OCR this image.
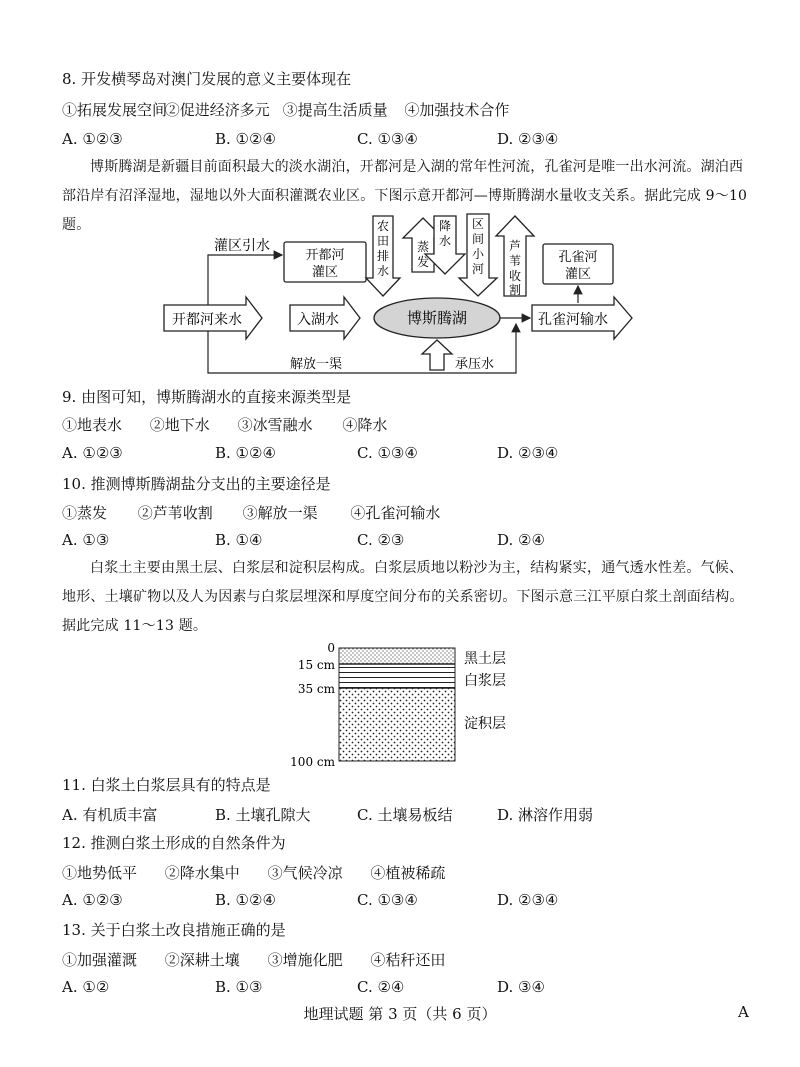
8. 开发横琴岛对澳门发展的意义主要体现在
①拓展发展空间 ②促进经济多元 ③提高生活质量 ④加强技术合作
A. ①②③	B. ①②④	C. ①③④	D. ②③④
博斯腾湖是新疆目前面积最大的淡水湖泊，开都河是入湖的常年性河流，孔雀河是唯一出水河流。湖泊西部沿岸有沼泽湿地，湿地以外大面积灌溉农业区。下图示意开都河—博斯腾湖水量收支关系。据此完成 9～10 题。
开都河来水	入湖水	博斯腾湖	孔雀河输水
灌区引水
开都河
灌区
农
田
排
水
蒸
发
降
水
区
间
小
河
芦
苇
收
割
孔雀河
灌区
承压水
解放一渠
0
15 cm
35 cm
100 cm
黑土层
白浆层
淀积层
9. 由图可知，博斯腾湖水的直接来源类型是
①地表水 ②地下水 ③冰雪融水 ④降水
A. ①②③	B. ①②④	C. ①③④	D. ②③④
10. 推测博斯腾湖盐分支出的主要途径是
①蒸发 ②芦苇收割 ③解放一渠 ④孔雀河输水
A. ①③	B. ①④	C. ②③	D. ②④
白浆土主要由黑土层、白浆层和淀积层构成。白浆层质地以粉沙为主，结构紧实，通气透水性差。气候、地形、土壤矿物以及人为因素与白浆层埋深和厚度空间分布的关系密切。下图示意三江平原白浆土剖面结构。据此完成 11～13 题。
11. 白浆土白浆层具有的特点是
A. 有机质丰富	B. 土壤孔隙大	C. 土壤易板结	D. 淋溶作用弱
12. 推测白浆土形成的自然条件为
①地势低平 ②降水集中 ③气候冷凉 ④植被稀疏
A. ①②③	B. ①②④	C. ①③④	D. ②③④
13. 关于白浆土改良措施正确的是
①加强灌溉 ②深耕土壤 ③增施化肥 ④秸秆还田
A. ①②	B. ①③	C. ②④	D. ③④
地理试题 第 3 页（共 6 页）	A
